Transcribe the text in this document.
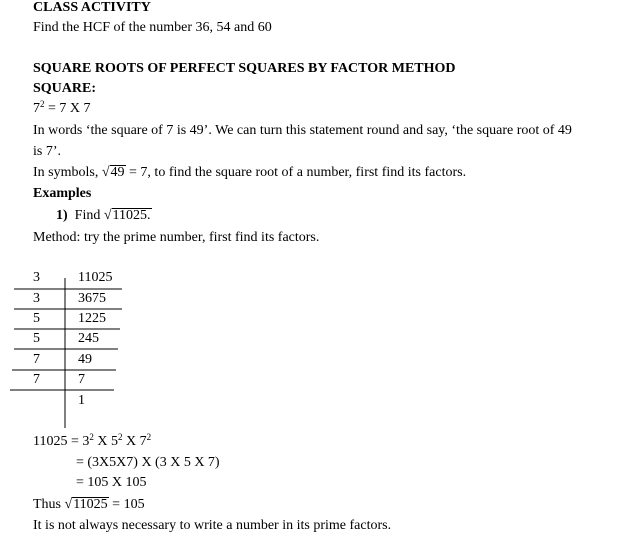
CLASS ACTIVITY
Find the HCF of the number 36, 54 and 60
SQUARE ROOTS OF PERFECT SQUARES BY FACTOR METHOD
SQUARE:
$7^2 = 7$ X 7
In words ‘the square of 7 is 49’. We can turn this statement round and say, ‘the square root of 49
is 7’.
In symbols, √49 = 7, to find the square root of a number, first find its factors.
Examples
1) Find √11025.
Method: try the prime number, first find its factors.
3
3
5
5
7
7
11025
3675
1225
245
49
7
1
$11025 = 3^2$ X $5^2$ X $7^2$
= (3X5X7) X (3 X 5 X 7)
= 105 X 105
Thus √11025 = 105
It is not always necessary to write a number in its prime factors.
